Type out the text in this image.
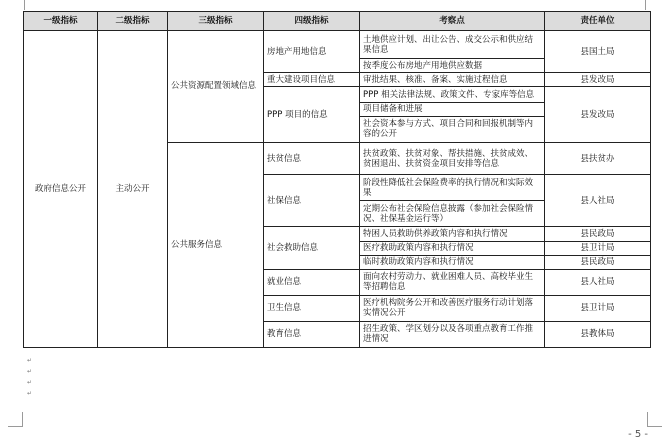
一级指标	二级指标	三级指标	四级指标	考察点	责任单位
政府信息公开	主动公开	公共资源配置领域信息	房地产用地信息	土地供应计划、出让公告、成交公示和供应结果信息	县国土局
				按季度公布房地产用地供应数据	
			重大建设项目信息	审批结果、核准、备案、实施过程信息	县发改局
			PPP 项目的信息	PPP 相关法律法规、政策文件、专家库等信息	县发改局
				项目储备和进展	
				社会资本参与方式、项目合同和回报机制等内容的公开	
		公共服务信息	扶贫信息	扶贫政策、扶贫对象、帮扶措施、扶贫成效、贫困退出、扶贫资金项目安排等信息	县扶贫办
			社保信息	阶段性降低社会保险费率的执行情况和实际效果	县人社局
				定期公布社会保险信息披露（参加社会保险情况、社保基金运行等）	
			社会救助信息	特困人员救助供养政策内容和执行情况	县民政局
				医疗救助政策内容和执行情况	县卫计局
				临时救助政策内容和执行情况	县民政局
			就业信息	面向农村劳动力、就业困难人员、高校毕业生等招聘信息	县人社局
			卫生信息	医疗机构院务公开和改善医疗服务行动计划落实情况公开	县卫计局
			教育信息	招生政策、学区划分以及各项重点教育工作推进情况	县教体局
↵
↵
↵
↵
- 5 -
